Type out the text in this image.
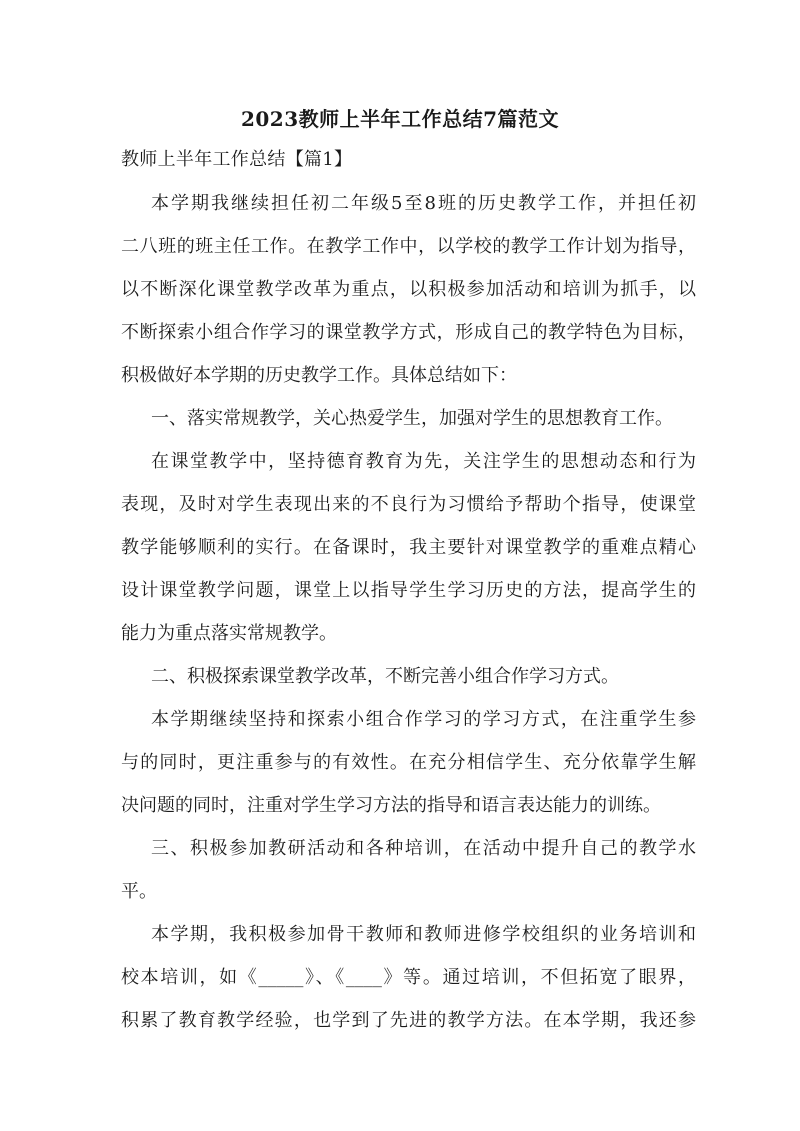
2023教师上半年工作总结7篇范文
教师上半年工作总结【篇1】
本学期我继续担任初二年级5至8班的历史教学工作，并担任初
二八班的班主任工作。在教学工作中，以学校的教学工作计划为指导，
以不断深化课堂教学改革为重点，以积极参加活动和培训为抓手，以
不断探索小组合作学习的课堂教学方式，形成自己的教学特色为目标，
积极做好本学期的历史教学工作。具体总结如下：
一、落实常规教学，关心热爱学生，加强对学生的思想教育工作。
在课堂教学中，坚持德育教育为先，关注学生的思想动态和行为
表现，及时对学生表现出来的不良行为习惯给予帮助个指导，使课堂
教学能够顺利的实行。在备课时，我主要针对课堂教学的重难点精心
设计课堂教学问题，课堂上以指导学生学习历史的方法，提高学生的
能力为重点落实常规教学。
二、积极探索课堂教学改革，不断完善小组合作学习方式。
本学期继续坚持和探索小组合作学习的学习方式，在注重学生参
与的同时，更注重参与的有效性。在充分相信学生、充分依靠学生解
决问题的同时，注重对学生学习方法的指导和语言表达能力的训练。
三、积极参加教研活动和各种培训，在活动中提升自己的教学水
平。
本学期，我积极参加骨干教师和教师进修学校组织的业务培训和
校本培训，如《_____》、《____》等。通过培训，不但拓宽了眼界，
积累了教育教学经验，也学到了先进的教学方法。在本学期，我还参
